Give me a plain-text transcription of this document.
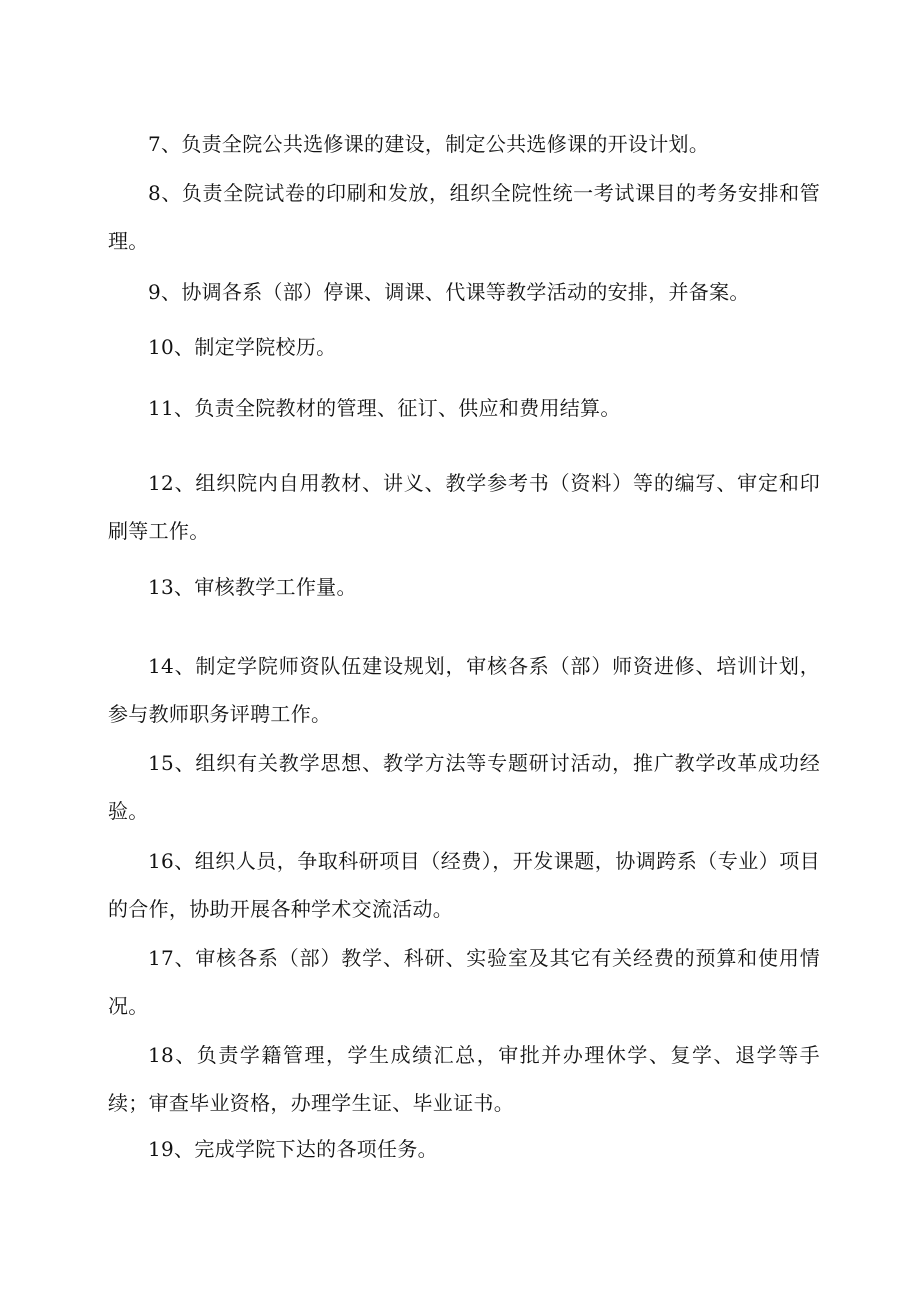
7、负责全院公共选修课的建设，制定公共选修课的开设计划。

8、负责全院试卷的印刷和发放，组织全院性统一考试课目的考务安排和管理。

9、协调各系（部）停课、调课、代课等教学活动的安排，并备案。

10、制定学院校历。

11、负责全院教材的管理、征订、供应和费用结算。

12、组织院内自用教材、讲义、教学参考书（资料）等的编写、审定和印刷等工作。

13、审核教学工作量。

14、制定学院师资队伍建设规划，审核各系（部）师资进修、培训计划，参与教师职务评聘工作。

15、组织有关教学思想、教学方法等专题研讨活动，推广教学改革成功经验。

16、组织人员，争取科研项目（经费），开发课题，协调跨系（专业）项目的合作，协助开展各种学术交流活动。

17、审核各系（部）教学、科研、实验室及其它有关经费的预算和使用情况。

18、负责学籍管理，学生成绩汇总，审批并办理休学、复学、退学等手续；审查毕业资格，办理学生证、毕业证书。

19、完成学院下达的各项任务。
